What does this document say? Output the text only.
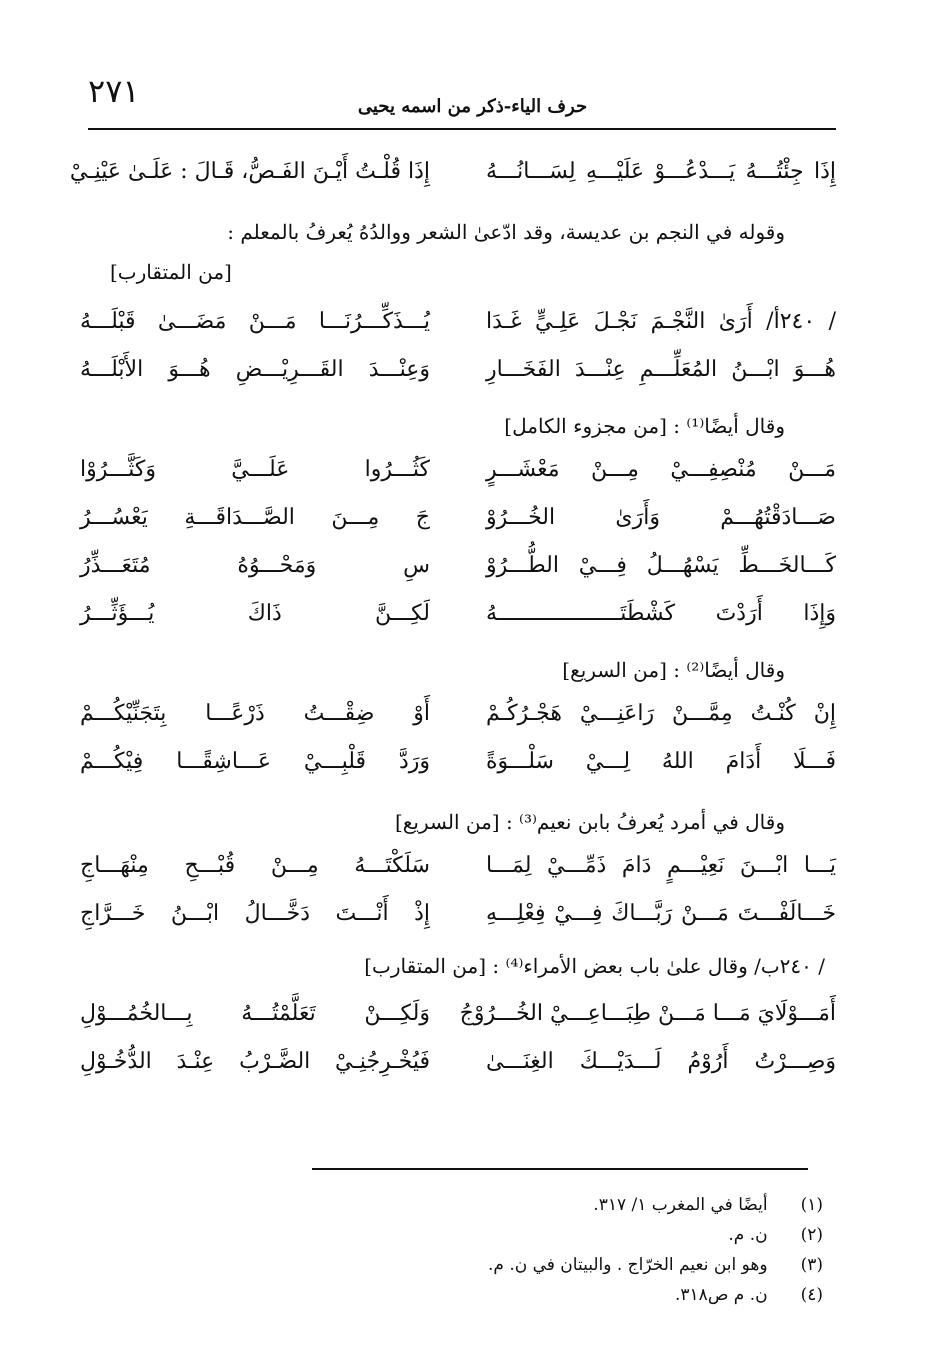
٢٧١	حرف الياء-ذكر من اسمه يحيى
إِذَا جِئْتُـــهُ يَـــدْعُـــوْ عَلَيْـــهِ لِسَـــانُـــهُ
إِذَا قُلْـتُ أَيْـنَ الفَـصُّ، قَـالَ : عَلَـىٰ عَيْنِـيْ
وقوله في النجم بن عديسة، وقد ادّعىٰ الشعر ووالدُهُ يُعرفُ بالمعلم :
[من المتقارب]
/ ٢٤٠أ/ أَرَىٰ النَّجْـمَ نَجْـلَ عَلِـيٍّ غَـدَا
يُـــذَكِّـــرُنَـــا مَـــنْ مَضَـــىٰ قَبْلَـــهُ
هُـــوَ ابْـــنُ المُعَلِّـــمِ عِنْـــدَ الفَخَـــارِ
وَعِنْـــدَ القَـــرِيْـــضِ هُـــوَ الأَبْلَـــهُ
وقال أيضًا⁽¹⁾ : [من مجزوء الكامل]
مَـــنْ مُنْصِفِـــيْ مِـــنْ مَعْشَـــرٍ
كَثُـــرُوا عَلَـــيَّ وَكَثَّـــرُوْا
صَـــادَقْتُهُـــمْ وَأَرَىٰ الخُـــرُوْ
جَ مِـــنَ الصَّـــدَاقَـــةِ يَعْسُـــرُ
كَـــالخَـــطِّ يَسْهُـــلُ فِـــيْ الطُّـــرُوْ
سِ وَمَحْـــوُهُ مُتَعَـــذِّرُ
وَإِذَا أَرَدْتَ كَشْطَتَـــــــــــــــــــهُ
لَكِـــنَّ ذَاكَ يُـــؤَثِّـــرُ
وقال أيضًا⁽²⁾ : [من السريع]
إِنْ كُنْـتُ مِمَّـــنْ رَاعَنِـــيْ هَجْـرُكُـمْ
أَوْ ضِقْـــتُ ذَرْعًـــا بِتَجَنِّيْكُـــمْ
فَـــلَا أَدَامَ اللهُ لِـــيْ سَلْـــوَةً
وَرَدَّ قَلْبِـــيْ عَـــاشِقًـــا فِيْكُـــمْ
وقال في أمرد يُعرفُ بابن نعيم⁽³⁾ : [من السريع]
يَـــا ابْـــنَ نَعِيْـــمٍ دَامَ ذَمِّـــيْ لِمَـــا
سَلَكْتَـــهُ مِـــنْ قُبْـــحِ مِنْهَـــاجِ
خَـــالَفْـــتَ مَـــنْ رَبَّـــاكَ فِـــيْ فِعْلِـــهِ
إِذْ أَنْـــتَ دَخَّـــالُ ابْـــنُ خَـــرَّاجِ
/ ٢٤٠ب/ وقال علىٰ باب بعض الأمراء⁽⁴⁾ : [من المتقارب]
أَمَـــوْلَايَ مَـــا مَـــنْ طِبَـــاعِـــيْ الخُـــرُوْجُ
وَلَكِـــنْ تَعَلَّمْتُـــهُ بِـــالخُمُـــوْلِ
وَصِـــرْتُ أَرُوْمُ لَـــدَيْـــكَ الغِنَـــىٰ
فَيُخْـرِجُنِـيْ الضَّـرْبُ عِنْـدَ الدُّخُـوْلِ
(١) أيضًا في المغرب ١/ ٣١٧.
(٢) ن. م.
(٣) وهو ابن نعيم الخرّاج . والبيتان في ن. م.
(٤) ن. م ص٣١٨.
